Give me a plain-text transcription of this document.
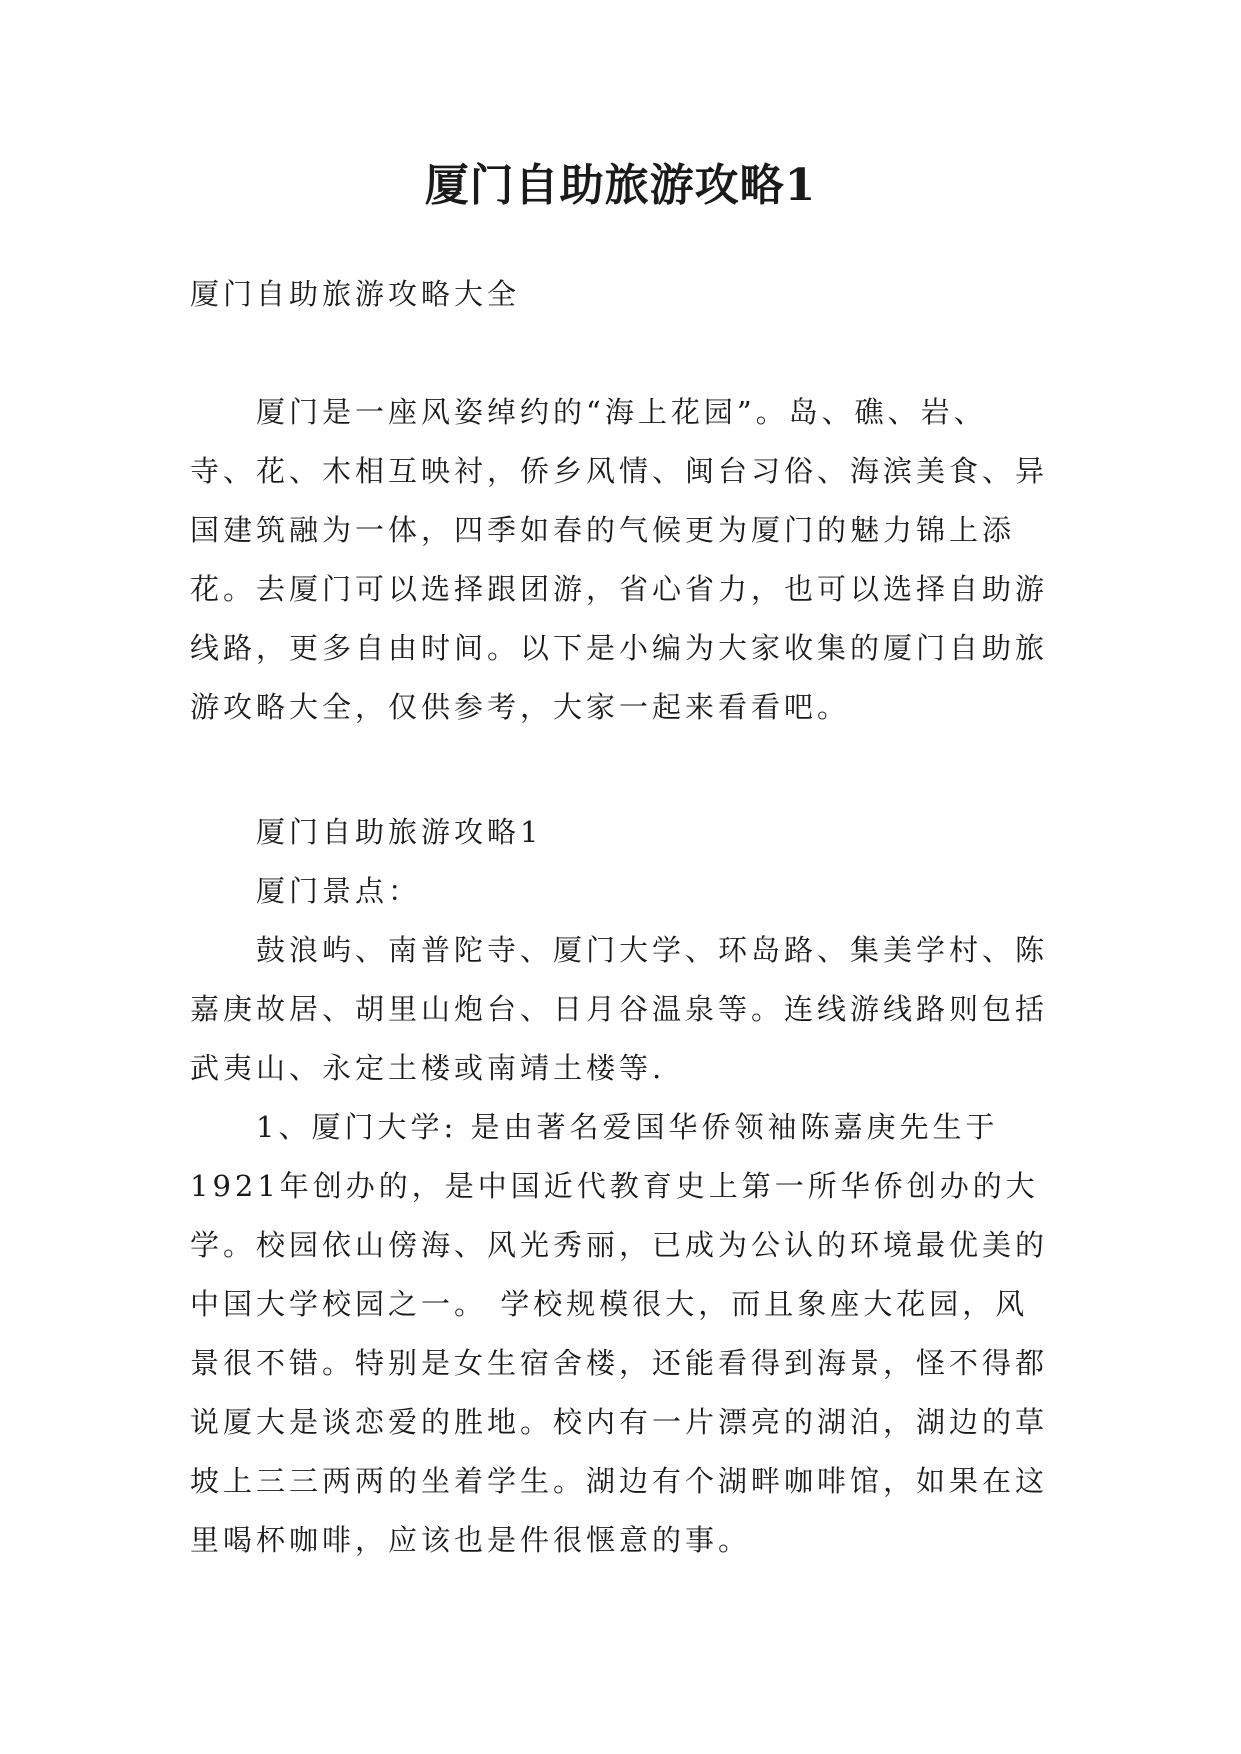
厦门自助旅游攻略1

厦门自助旅游攻略大全

厦门是一座风姿绰约的“海上花园”。岛、礁、岩、寺、花、木相互映衬，侨乡风情、闽台习俗、海滨美食、异国建筑融为一体，四季如春的气候更为厦门的魅力锦上添花。去厦门可以选择跟团游，省心省力，也可以选择自助游线路，更多自由时间。以下是小编为大家收集的厦门自助旅游攻略大全，仅供参考，大家一起来看看吧。

厦门自助旅游攻略1

厦门景点：

鼓浪屿、南普陀寺、厦门大学、环岛路、集美学村、陈嘉庚故居、胡里山炮台、日月谷温泉等。连线游线路则包括武夷山、永定土楼或南靖土楼等.

1、厦门大学: 是由著名爱国华侨领袖陈嘉庚先生于1921年创办的，是中国近代教育史上第一所华侨创办的大学。校园依山傍海、风光秀丽，已成为公认的环境最优美的中国大学校园之一。 学校规模很大，而且象座大花园，风景很不错。特别是女生宿舍楼，还能看得到海景，怪不得都说厦大是谈恋爱的胜地。校内有一片漂亮的湖泊，湖边的草坡上三三两两的坐着学生。湖边有个湖畔咖啡馆，如果在这里喝杯咖啡，应该也是件很惬意的事。
